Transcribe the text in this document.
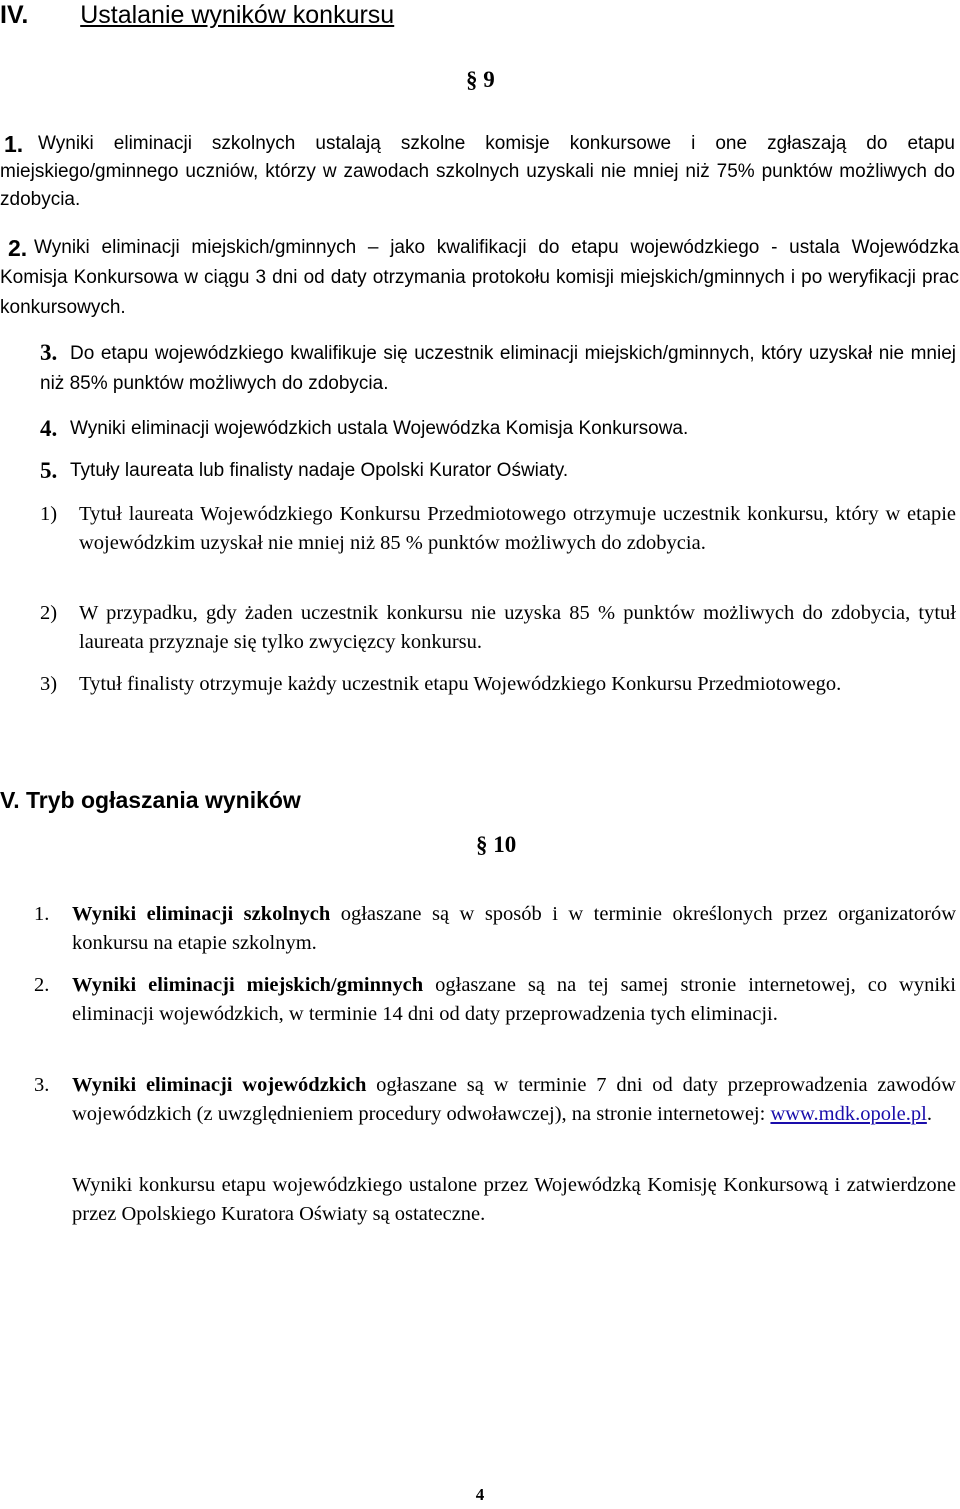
IV. Ustalanie wyników konkursu
§ 9
1. Wyniki eliminacji szkolnych ustalają szkolne komisje konkursowe i one zgłaszają do etapu miejskiego/gminnego uczniów, którzy w zawodach szkolnych uzyskali nie mniej niż 75% punktów możliwych do zdobycia.
2. Wyniki eliminacji miejskich/gminnych – jako kwalifikacji do etapu wojewódzkiego - ustala Wojewódzka Komisja Konkursowa w ciągu 3 dni od daty otrzymania protokołu komisji miejskich/gminnych i po weryfikacji prac konkursowych.
Do etapu wojewódzkiego kwalifikuje się uczestnik eliminacji miejskich/gminnych, który uzyskał nie mniej niż 85% punktów możliwych do zdobycia.
3.
Wyniki eliminacji wojewódzkich ustala Wojewódzka Komisja Konkursowa.
4.
Tytuły laureata lub finalisty nadaje Opolski Kurator Oświaty.
5.
1)	Tytuł laureata Wojewódzkiego Konkursu Przedmiotowego otrzymuje uczestnik konkursu, który w etapie wojewódzkim uzyskał nie mniej niż 85 % punktów możliwych do zdobycia.
2)	W przypadku, gdy żaden uczestnik konkursu nie uzyska 85 % punktów możliwych do zdobycia, tytuł laureata przyznaje się tylko zwycięzcy konkursu.
3)	Tytuł finalisty otrzymuje każdy uczestnik etapu Wojewódzkiego Konkursu Przedmiotowego.
V. Tryb ogłaszania wyników
§ 10
1.	Wyniki eliminacji szkolnych ogłaszane są w sposób i w terminie określonych przez organizatorów konkursu na etapie szkolnym.
2.	Wyniki eliminacji miejskich/gminnych ogłaszane są na tej samej stronie internetowej, co wyniki eliminacji wojewódzkich, w terminie 14 dni od daty przeprowadzenia tych eliminacji.
3.	Wyniki eliminacji wojewódzkich ogłaszane są w terminie 7 dni od daty przeprowadzenia zawodów wojewódzkich (z uwzględnieniem procedury odwoławczej), na stronie internetowej: www.mdk.opole.pl.
Wyniki konkursu etapu wojewódzkiego ustalone przez Wojewódzką Komisję Konkursową i zatwierdzone przez Opolskiego Kuratora Oświaty są ostateczne.
4
